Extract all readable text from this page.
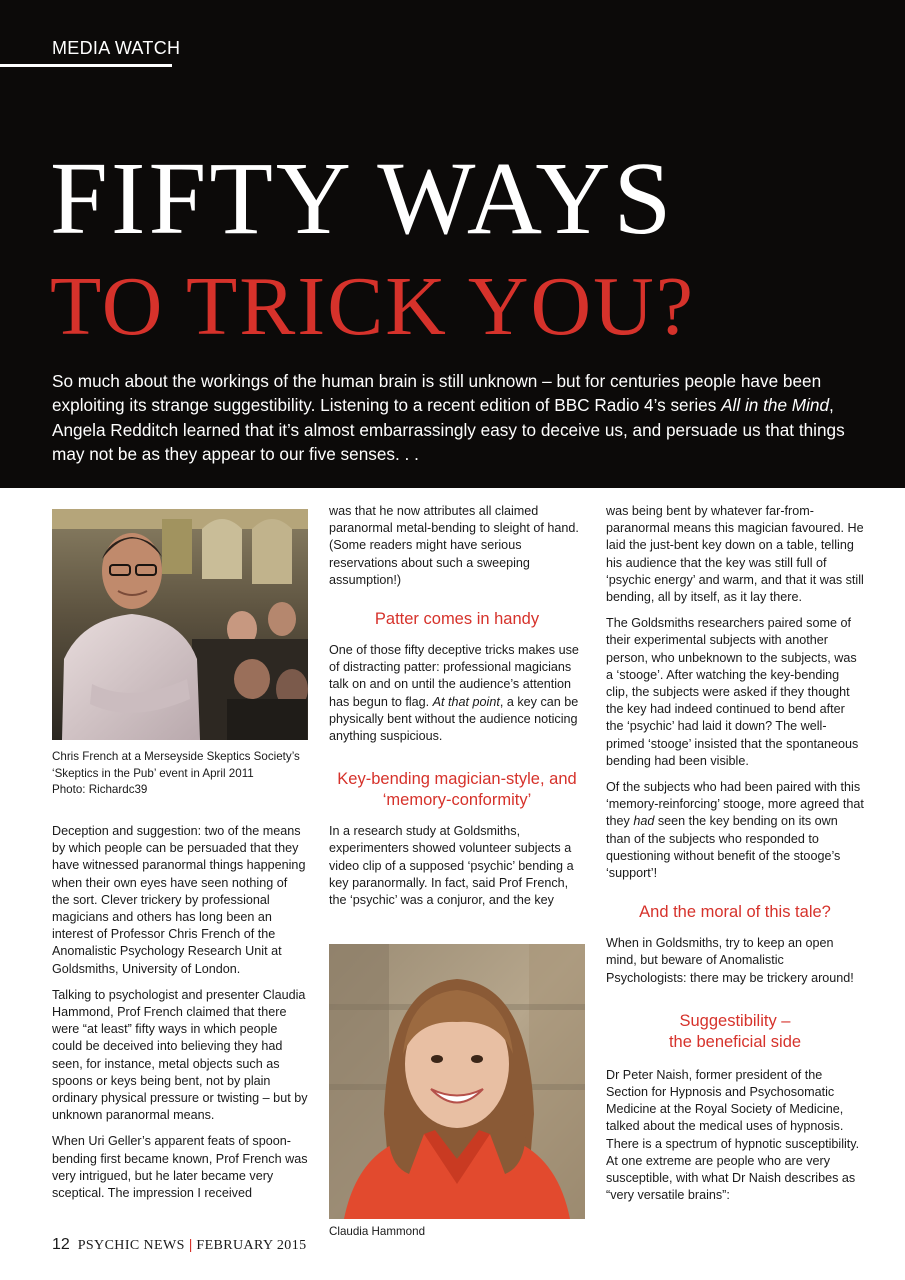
MEDIA WATCH
FIFTY WAYS
TO TRICK YOU?

So much about the workings of the human brain is still unknown – but for centuries people have been exploiting its strange suggestibility. Listening to a recent edition of BBC Radio 4’s series All in the Mind, Angela Redditch learned that it’s almost embarrassingly easy to deceive us, and persuade us that things may not be as they appear to our five senses. . .

Chris French at a Merseyside Skeptics Society’s
‘Skeptics in the Pub’ event in April 2011
Photo: Richardc39

Deception and suggestion: two of the means by which people can be persuaded that they have witnessed paranormal things happening when their own eyes have seen nothing of the sort. Clever trickery by professional magicians and others has long been an interest of Professor Chris French of the Anomalistic Psychology Research Unit at Goldsmiths, University of London.

Talking to psychologist and presenter Claudia Hammond, Prof French claimed that there were “at least” fifty ways in which people could be deceived into believing they had seen, for instance, metal objects such as spoons or keys being bent, not by plain ordinary physical pressure or twisting – but by unknown paranormal means.

When Uri Geller’s apparent feats of spoon-bending first became known, Prof French was very intrigued, but he later became very sceptical. The impression I received

was that he now attributes all claimed paranormal metal-bending to sleight of hand. (Some readers might have serious reservations about such a sweeping assumption!)

Patter comes in handy

One of those fifty deceptive tricks makes use of distracting patter: professional magicians talk on and on until the audience’s attention has begun to flag. At that point, a key can be physically bent without the audience noticing anything suspicious.

Key-bending magician-style, and
‘memory-conformity’

In a research study at Goldsmiths, experimenters showed volunteer subjects a video clip of a supposed ‘psychic’ bending a key paranormally. In fact, said Prof French, the ‘psychic’ was a conjuror, and the key

Claudia Hammond

was being bent by whatever far-from-paranormal means this magician favoured. He laid the just-bent key down on a table, telling his audience that the key was still full of ‘psychic energy’ and warm, and that it was still bending, all by itself, as it lay there.

The Goldsmiths researchers paired some of their experimental subjects with another person, who unbeknown to the subjects, was a ‘stooge’. After watching the key-bending clip, the subjects were asked if they thought the key had indeed continued to bend after the ‘psychic’ had laid it down? The well-primed ‘stooge’ insisted that the spontaneous bending had been visible.

Of the subjects who had been paired with this ‘memory-reinforcing’ stooge, more agreed that they had seen the key bending on its own than of the subjects who responded to questioning without benefit of the stooge’s ‘support’!

And the moral of this tale?

When in Goldsmiths, try to keep an open mind, but beware of Anomalistic Psychologists: there may be trickery around!

Suggestibility –
the beneficial side

Dr Peter Naish, former president of the Section for Hypnosis and Psychosomatic Medicine at the Royal Society of Medicine, talked about the medical uses of hypnosis. There is a spectrum of hypnotic susceptibility. At one extreme are people who are very susceptible, with what Dr Naish describes as “very versatile brains”:

12 PSYCHIC NEWS | FEBRUARY 2015
